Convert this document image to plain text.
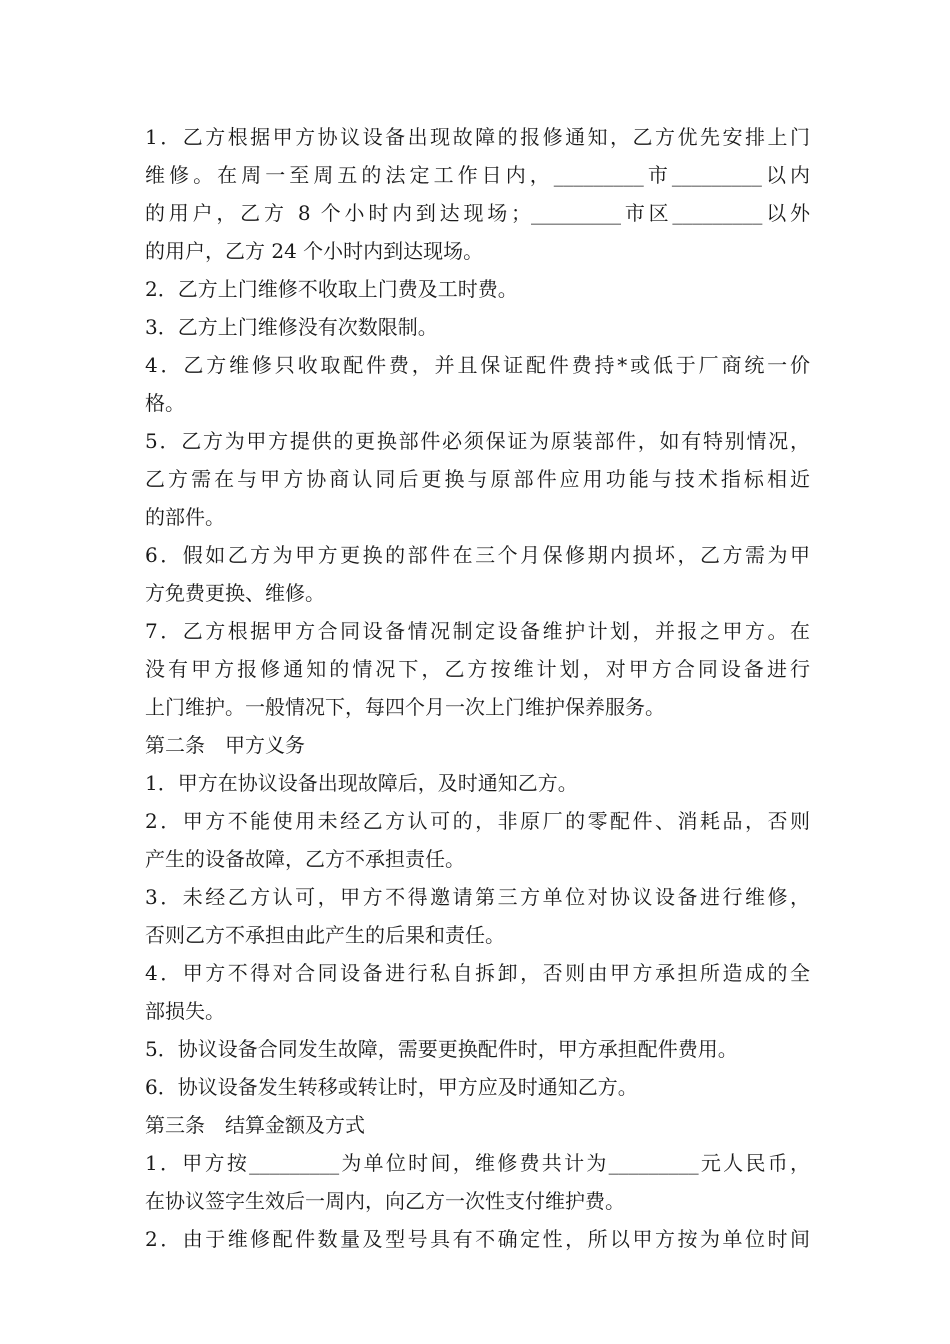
1．乙方根据甲方协议设备出现故障的报修通知，乙方优先安排上门
维修。在周一至周五的法定工作日内，_________市_________以内
的用户，乙方 8 个小时内到达现场；_________市区_________以外
的用户，乙方 24 个小时内到达现场。
2．乙方上门维修不收取上门费及工时费。
3．乙方上门维修没有次数限制。
4．乙方维修只收取配件费，并且保证配件费持*或低于厂商统一价
格。
5．乙方为甲方提供的更换部件必须保证为原装部件，如有特别情况，
乙方需在与甲方协商认同后更换与原部件应用功能与技术指标相近
的部件。
6．假如乙方为甲方更换的部件在三个月保修期内损坏，乙方需为甲
方免费更换、维修。
7．乙方根据甲方合同设备情况制定设备维护计划，并报之甲方。在
没有甲方报修通知的情况下，乙方按维计划，对甲方合同设备进行
上门维护。一般情况下，每四个月一次上门维护保养服务。
第二条　甲方义务
1．甲方在协议设备出现故障后，及时通知乙方。
2．甲方不能使用未经乙方认可的，非原厂的零配件、消耗品，否则
产生的设备故障，乙方不承担责任。
3．未经乙方认可，甲方不得邀请第三方单位对协议设备进行维修，
否则乙方不承担由此产生的后果和责任。
4．甲方不得对合同设备进行私自拆卸，否则由甲方承担所造成的全
部损失。
5．协议设备合同发生故障，需要更换配件时，甲方承担配件费用。
6．协议设备发生转移或转让时，甲方应及时通知乙方。
第三条　结算金额及方式
1．甲方按_________为单位时间，维修费共计为_________元人民币，
在协议签字生效后一周内，向乙方一次性支付维护费。
2．由于维修配件数量及型号具有不确定性，所以甲方按为单位时间
